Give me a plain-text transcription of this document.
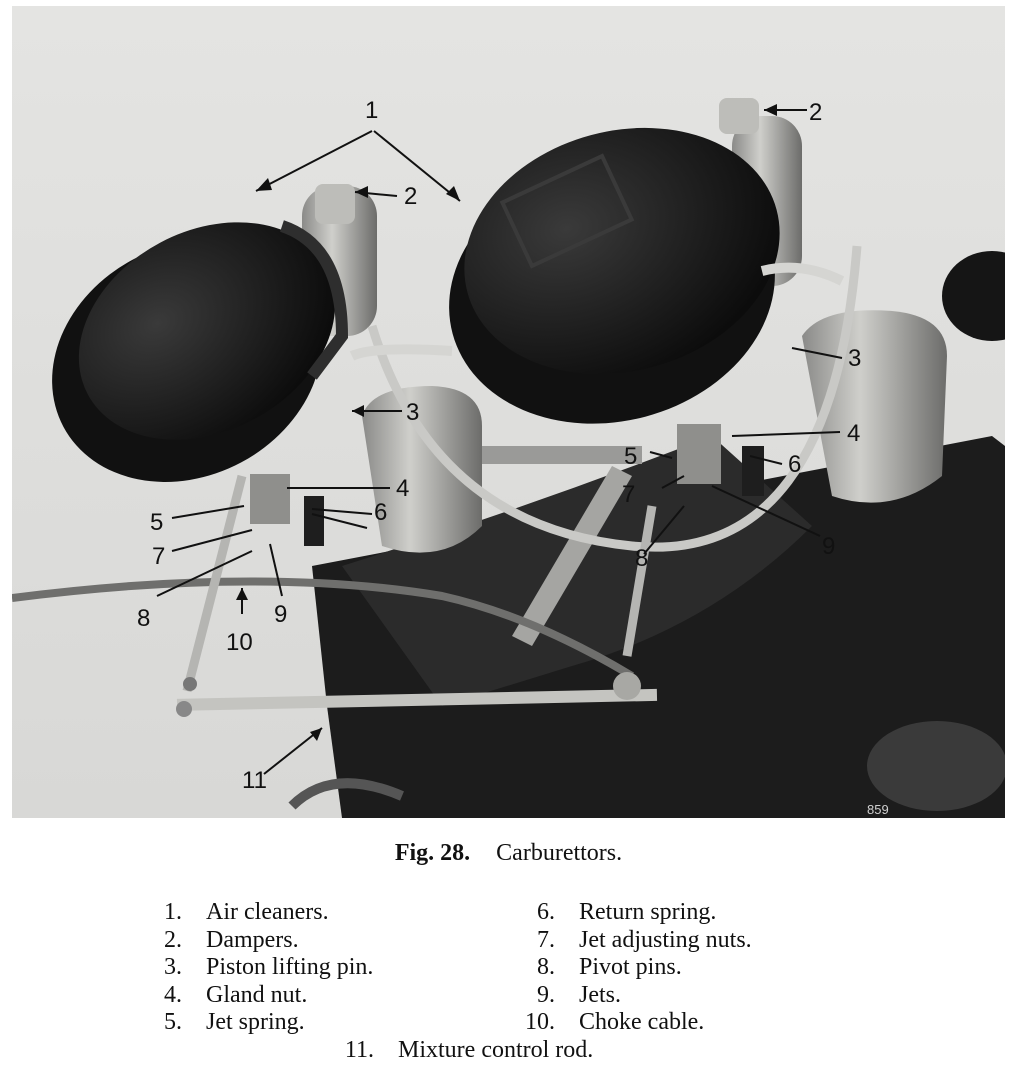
1
2
2
3
3
4
4
5
5
6
6
7
7
8
8
9
9
10
11
859
Fig. 28. Carburettors.
1. Air cleaners.
2. Dampers.
3. Piston lifting pin.
4. Gland nut.
5. Jet spring.
6. Return spring.
7. Jet adjusting nuts.
8. Pivot pins.
9. Jets.
10. Choke cable.
11. Mixture control rod.
